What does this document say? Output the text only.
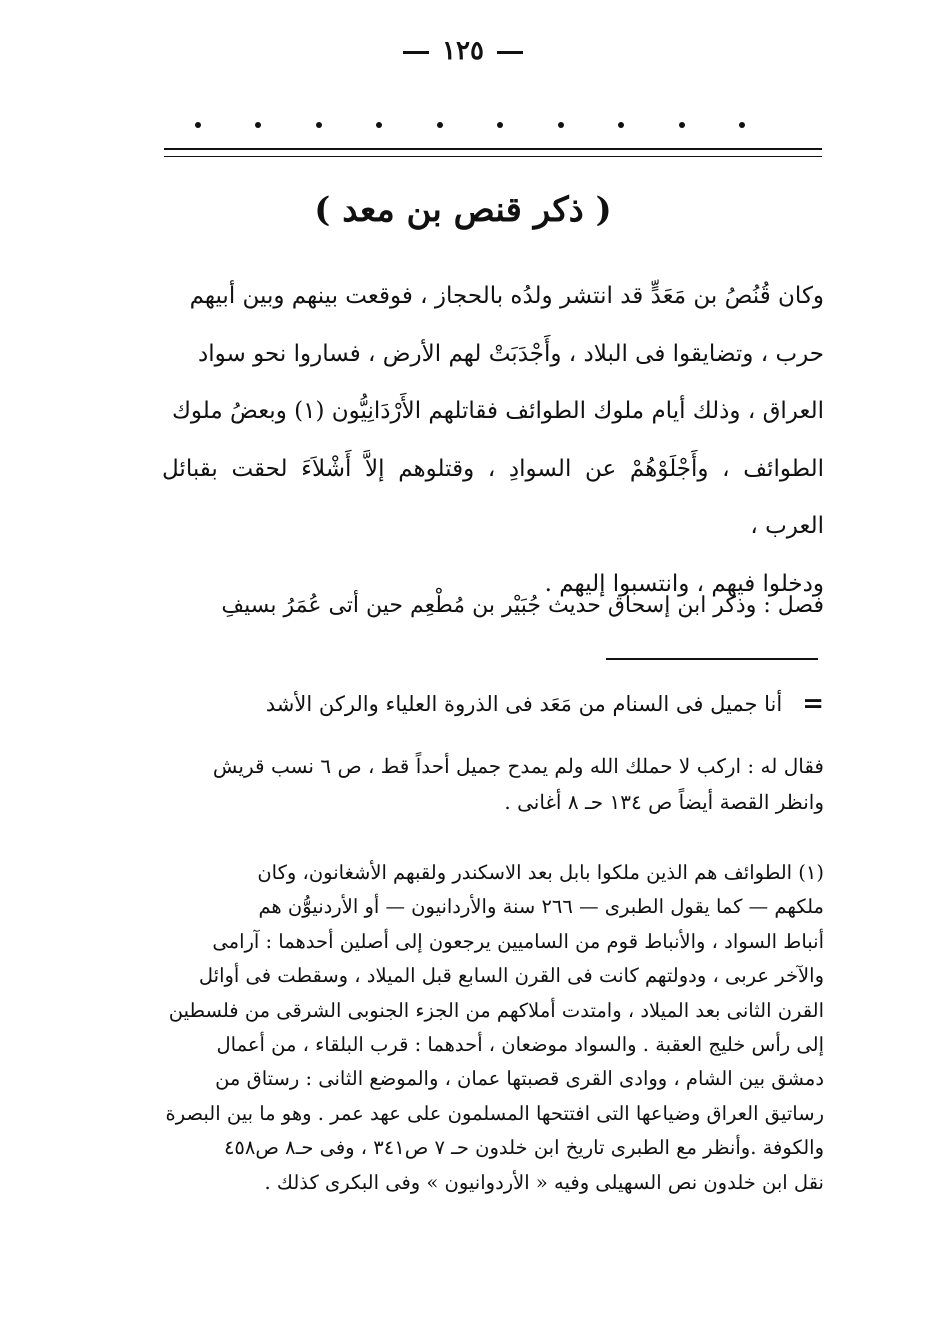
١٢٥
( ذكر قنص بن معد )

وكان قُنُصُ بن مَعَدٍّ قد انتشر ولدُه بالحجاز ، فوقعت بينهم وبين أبيهم

حرب ، وتضايقوا فى البلاد ، وأَجْدَبَتْ لهم الأرض ، فساروا نحو سواد

العراق ، وذلك أيام ملوك الطوائف فقاتلهم الأَرْدَانِيُّون (١) وبعضُ ملوك

الطوائف ، وأَجْلَوْهُمْ عن السوادِ ، وقتلوهم إلاَّ أَشْلاَءَ لحقت بقبائل العرب ،

ودخلوا فيهم ، وانتسبوا إليهم .

فصل : وذكر ابن إسحاق حديث جُبَيْر بن مُطْعِم حين أتى عُمَرُ بسيفِ
=
أنا جميل فى السنام من مَعَد فى الذروة العلياء والركن الأشد

فقال له : اركب لا حملك الله ولم يمدح جميل أحداً قط ، ص ٦ نسب قريش

وانظر القصة أيضاً ص ١٣٤ حـ ٨ أغانى .

(١) الطوائف هم الذين ملكوا بابل بعد الاسكندر ولقبهم الأشغانون، وكان

ملكهم — كما يقول الطبرى — ٢٦٦ سنة والأردانيون — أو الأردنيوُّن هم

أنباط السواد ، والأنباط قوم من الساميين يرجعون إلى أصلين أحدهما : آرامى

والآخر عربى ، ودولتهم كانت فى القرن السابع قبل الميلاد ، وسقطت فى أوائل

القرن الثانى بعد الميلاد ، وامتدت أملاكهم من الجزء الجنوبى الشرقى من فلسطين

إلى رأس خليج العقبة . والسواد موضعان ، أحدهما : قرب البلقاء ، من أعمال

دمشق بين الشام ، ووادى القرى قصبتها عمان ، والموضع الثانى : رستاق من

رساتيق العراق وضياعها التى افتتحها المسلمون على عهد عمر . وهو ما بين البصرة

والكوفة .وأنظر مع الطبرى تاريخ ابن خلدون حـ ٧ ص٣٤١ ، وفى حـ٨ ص٤٥٨

نقل ابن خلدون نص السهيلى وفيه « الأردوانيون » وفى البكرى كذلك .
